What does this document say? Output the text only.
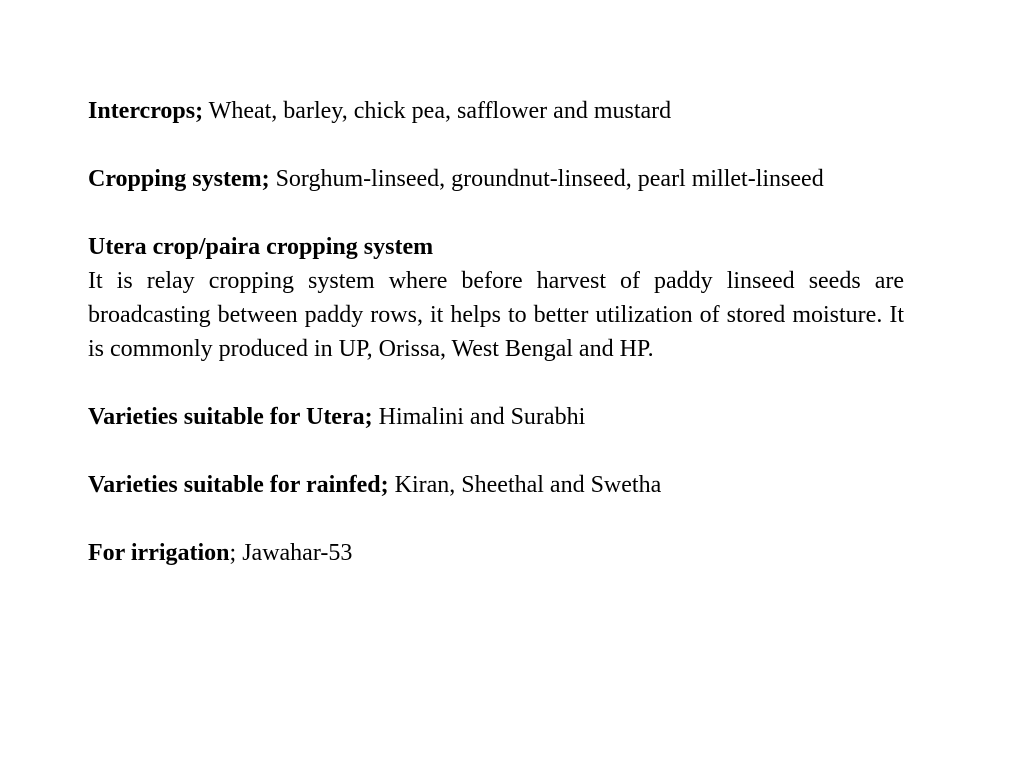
Intercrops; Wheat, barley, chick pea, safflower and mustard

Cropping system; Sorghum-linseed, groundnut-linseed, pearl millet-linseed

Utera crop/paira cropping system
It is relay cropping system where before harvest of paddy linseed seeds are broadcasting between paddy rows, it helps to better utilization of stored moisture. It is commonly produced in UP, Orissa, West Bengal and HP.

Varieties suitable for Utera; Himalini and Surabhi

Varieties suitable for rainfed; Kiran, Sheethal and Swetha

For irrigation; Jawahar-53
